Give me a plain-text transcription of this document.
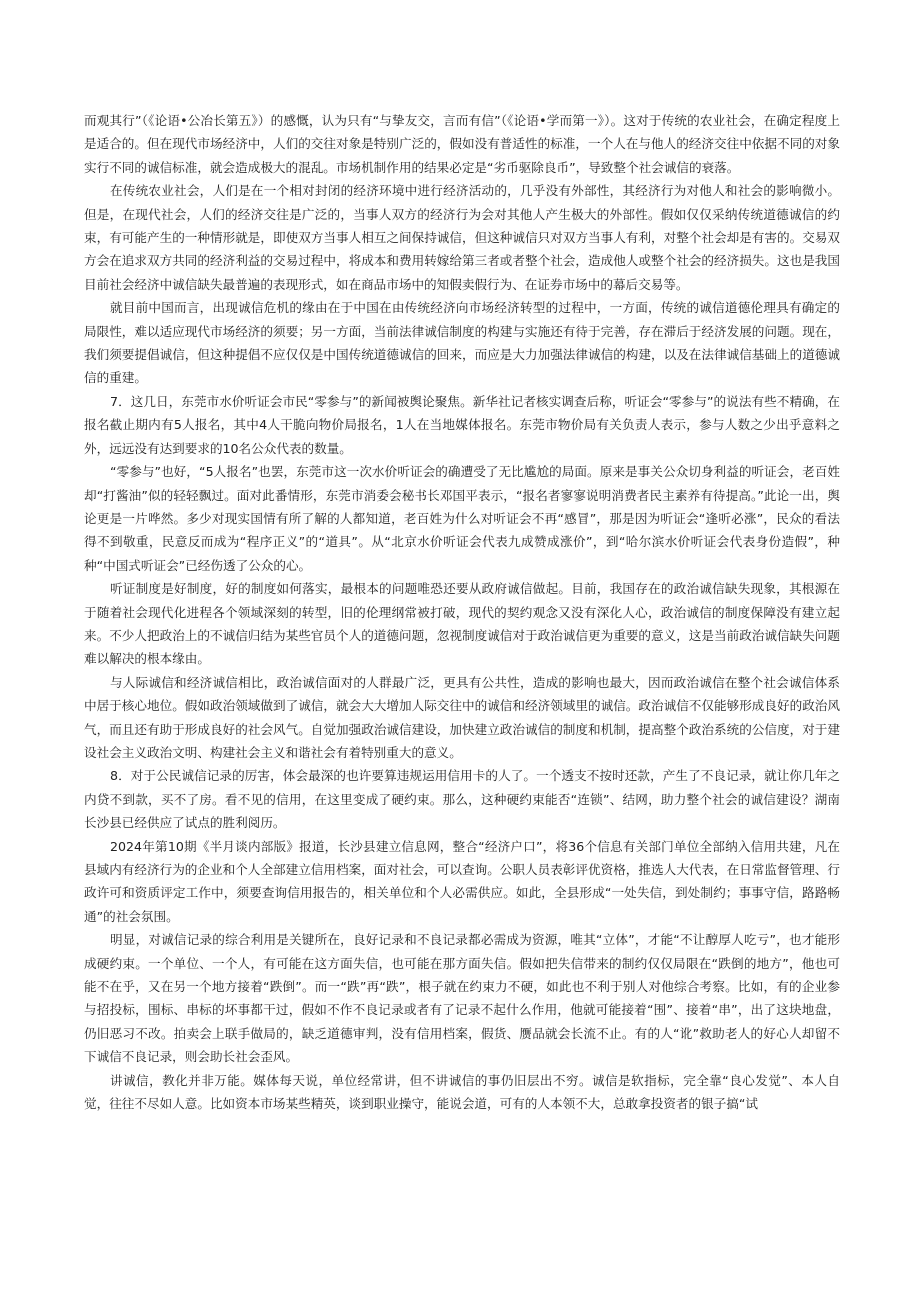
而观其行”（《论语•公冶长第五》）的感慨，认为只有“与挚友交，言而有信”（《论语•学而第一》）。这对于传统的农业社会，在确定程度上是适合的。但在现代市场经济中，人们的交往对象是特别广泛的，假如没有普适性的标准，一个人在与他人的经济交往中依据不同的对象实行不同的诚信标准，就会造成极大的混乱。市场机制作用的结果必定是“劣币驱除良币”，导致整个社会诚信的衰落。

在传统农业社会，人们是在一个相对封闭的经济环境中进行经济活动的，几乎没有外部性，其经济行为对他人和社会的影响微小。但是，在现代社会，人们的经济交往是广泛的，当事人双方的经济行为会对其他人产生极大的外部性。假如仅仅采纳传统道德诚信的约束，有可能产生的一种情形就是，即使双方当事人相互之间保持诚信，但这种诚信只对双方当事人有利，对整个社会却是有害的。交易双方会在追求双方共同的经济利益的交易过程中，将成本和费用转嫁给第三者或者整个社会，造成他人或整个社会的经济损失。这也是我国目前社会经济中诚信缺失最普遍的表现形式，如在商品市场中的知假卖假行为、在证券市场中的幕后交易等。

就目前中国而言，出现诚信危机的缘由在于中国在由传统经济向市场经济转型的过程中，一方面，传统的诚信道德伦理具有确定的局限性，难以适应现代市场经济的须要；另一方面，当前法律诚信制度的构建与实施还有待于完善，存在滞后于经济发展的问题。现在，我们须要提倡诚信，但这种提倡不应仅仅是中国传统道德诚信的回来，而应是大力加强法律诚信的构建，以及在法律诚信基础上的道德诚信的重建。

7．这几日，东莞市水价听证会市民“零参与”的新闻被舆论聚焦。新华社记者核实调查后称，听证会“零参与”的说法有些不精确，在报名截止期内有5人报名，其中4人干脆向物价局报名，1人在当地媒体报名。东莞市物价局有关负责人表示，参与人数之少出乎意料之外，远远没有达到要求的10名公众代表的数量。

“零参与”也好，“5人报名”也罢，东莞市这一次水价听证会的确遭受了无比尴尬的局面。原来是事关公众切身利益的听证会，老百姓却“打酱油”似的轻轻飘过。面对此番情形，东莞市消委会秘书长邓国平表示，“报名者寥寥说明消费者民主素养有待提高。”此论一出，舆论更是一片哗然。多少对现实国情有所了解的人都知道，老百姓为什么对听证会不再“感冒”，那是因为听证会“逢听必涨”，民众的看法得不到敬重，民意反而成为“程序正义”的“道具”。从“北京水价听证会代表九成赞成涨价”，到“哈尔滨水价听证会代表身份造假”，种种“中国式听证会”已经伤透了公众的心。

听证制度是好制度，好的制度如何落实，最根本的问题唯恐还要从政府诚信做起。目前，我国存在的政治诚信缺失现象，其根源在于随着社会现代化进程各个领域深刻的转型，旧的伦理纲常被打破，现代的契约观念又没有深化人心，政治诚信的制度保障没有建立起来。不少人把政治上的不诚信归结为某些官员个人的道德问题，忽视制度诚信对于政治诚信更为重要的意义，这是当前政治诚信缺失问题难以解决的根本缘由。

与人际诚信和经济诚信相比，政治诚信面对的人群最广泛，更具有公共性，造成的影响也最大，因而政治诚信在整个社会诚信体系中居于核心地位。假如政治领域做到了诚信，就会大大增加人际交往中的诚信和经济领域里的诚信。政治诚信不仅能够形成良好的政治风气，而且还有助于形成良好的社会风气。自觉加强政治诚信建设，加快建立政治诚信的制度和机制，提高整个政治系统的公信度，对于建设社会主义政治文明、构建社会主义和谐社会有着特别重大的意义。

8．对于公民诚信记录的厉害，体会最深的也许要算违规运用信用卡的人了。一个透支不按时还款，产生了不良记录，就让你几年之内贷不到款，买不了房。看不见的信用，在这里变成了硬约束。那么，这种硬约束能否“连锁”、结网，助力整个社会的诚信建设？湖南长沙县已经供应了试点的胜利阅历。

2024年第10期《半月谈内部版》报道，长沙县建立信息网，整合“经济户口”，将36个信息有关部门单位全部纳入信用共建，凡在县域内有经济行为的企业和个人全部建立信用档案，面对社会，可以查询。公职人员表彰评优资格，推选人大代表，在日常监督管理、行政许可和资质评定工作中，须要查询信用报告的，相关单位和个人必需供应。如此，全县形成“一处失信，到处制约；事事守信，路路畅通”的社会氛围。

明显，对诚信记录的综合利用是关键所在，良好记录和不良记录都必需成为资源，唯其“立体”，才能“不让醇厚人吃亏”，也才能形成硬约束。一个单位、一个人，有可能在这方面失信，也可能在那方面失信。假如把失信带来的制约仅仅局限在“跌倒的地方”，他也可能不在乎，又在另一个地方接着“跌倒”。而一“跌”再“跌”，根子就在约束力不硬，如此也不利于别人对他综合考察。比如，有的企业参与招投标，围标、串标的坏事都干过，假如不作不良记录或者有了记录不起什么作用，他就可能接着“围”、接着“串”，出了这块地盘，仍旧恶习不改。拍卖会上联手做局的，缺乏道德审判，没有信用档案，假货、赝品就会长流不止。有的人“讹”救助老人的好心人却留不下诚信不良记录，则会助长社会歪风。

讲诚信，教化并非万能。媒体每天说，单位经常讲，但不讲诚信的事仍旧层出不穷。诚信是软指标，完全靠“良心发觉”、本人自觉，往往不尽如人意。比如资本市场某些精英，谈到职业操守，能说会道，可有的人本领不大，总敢拿投资者的银子搞“试
